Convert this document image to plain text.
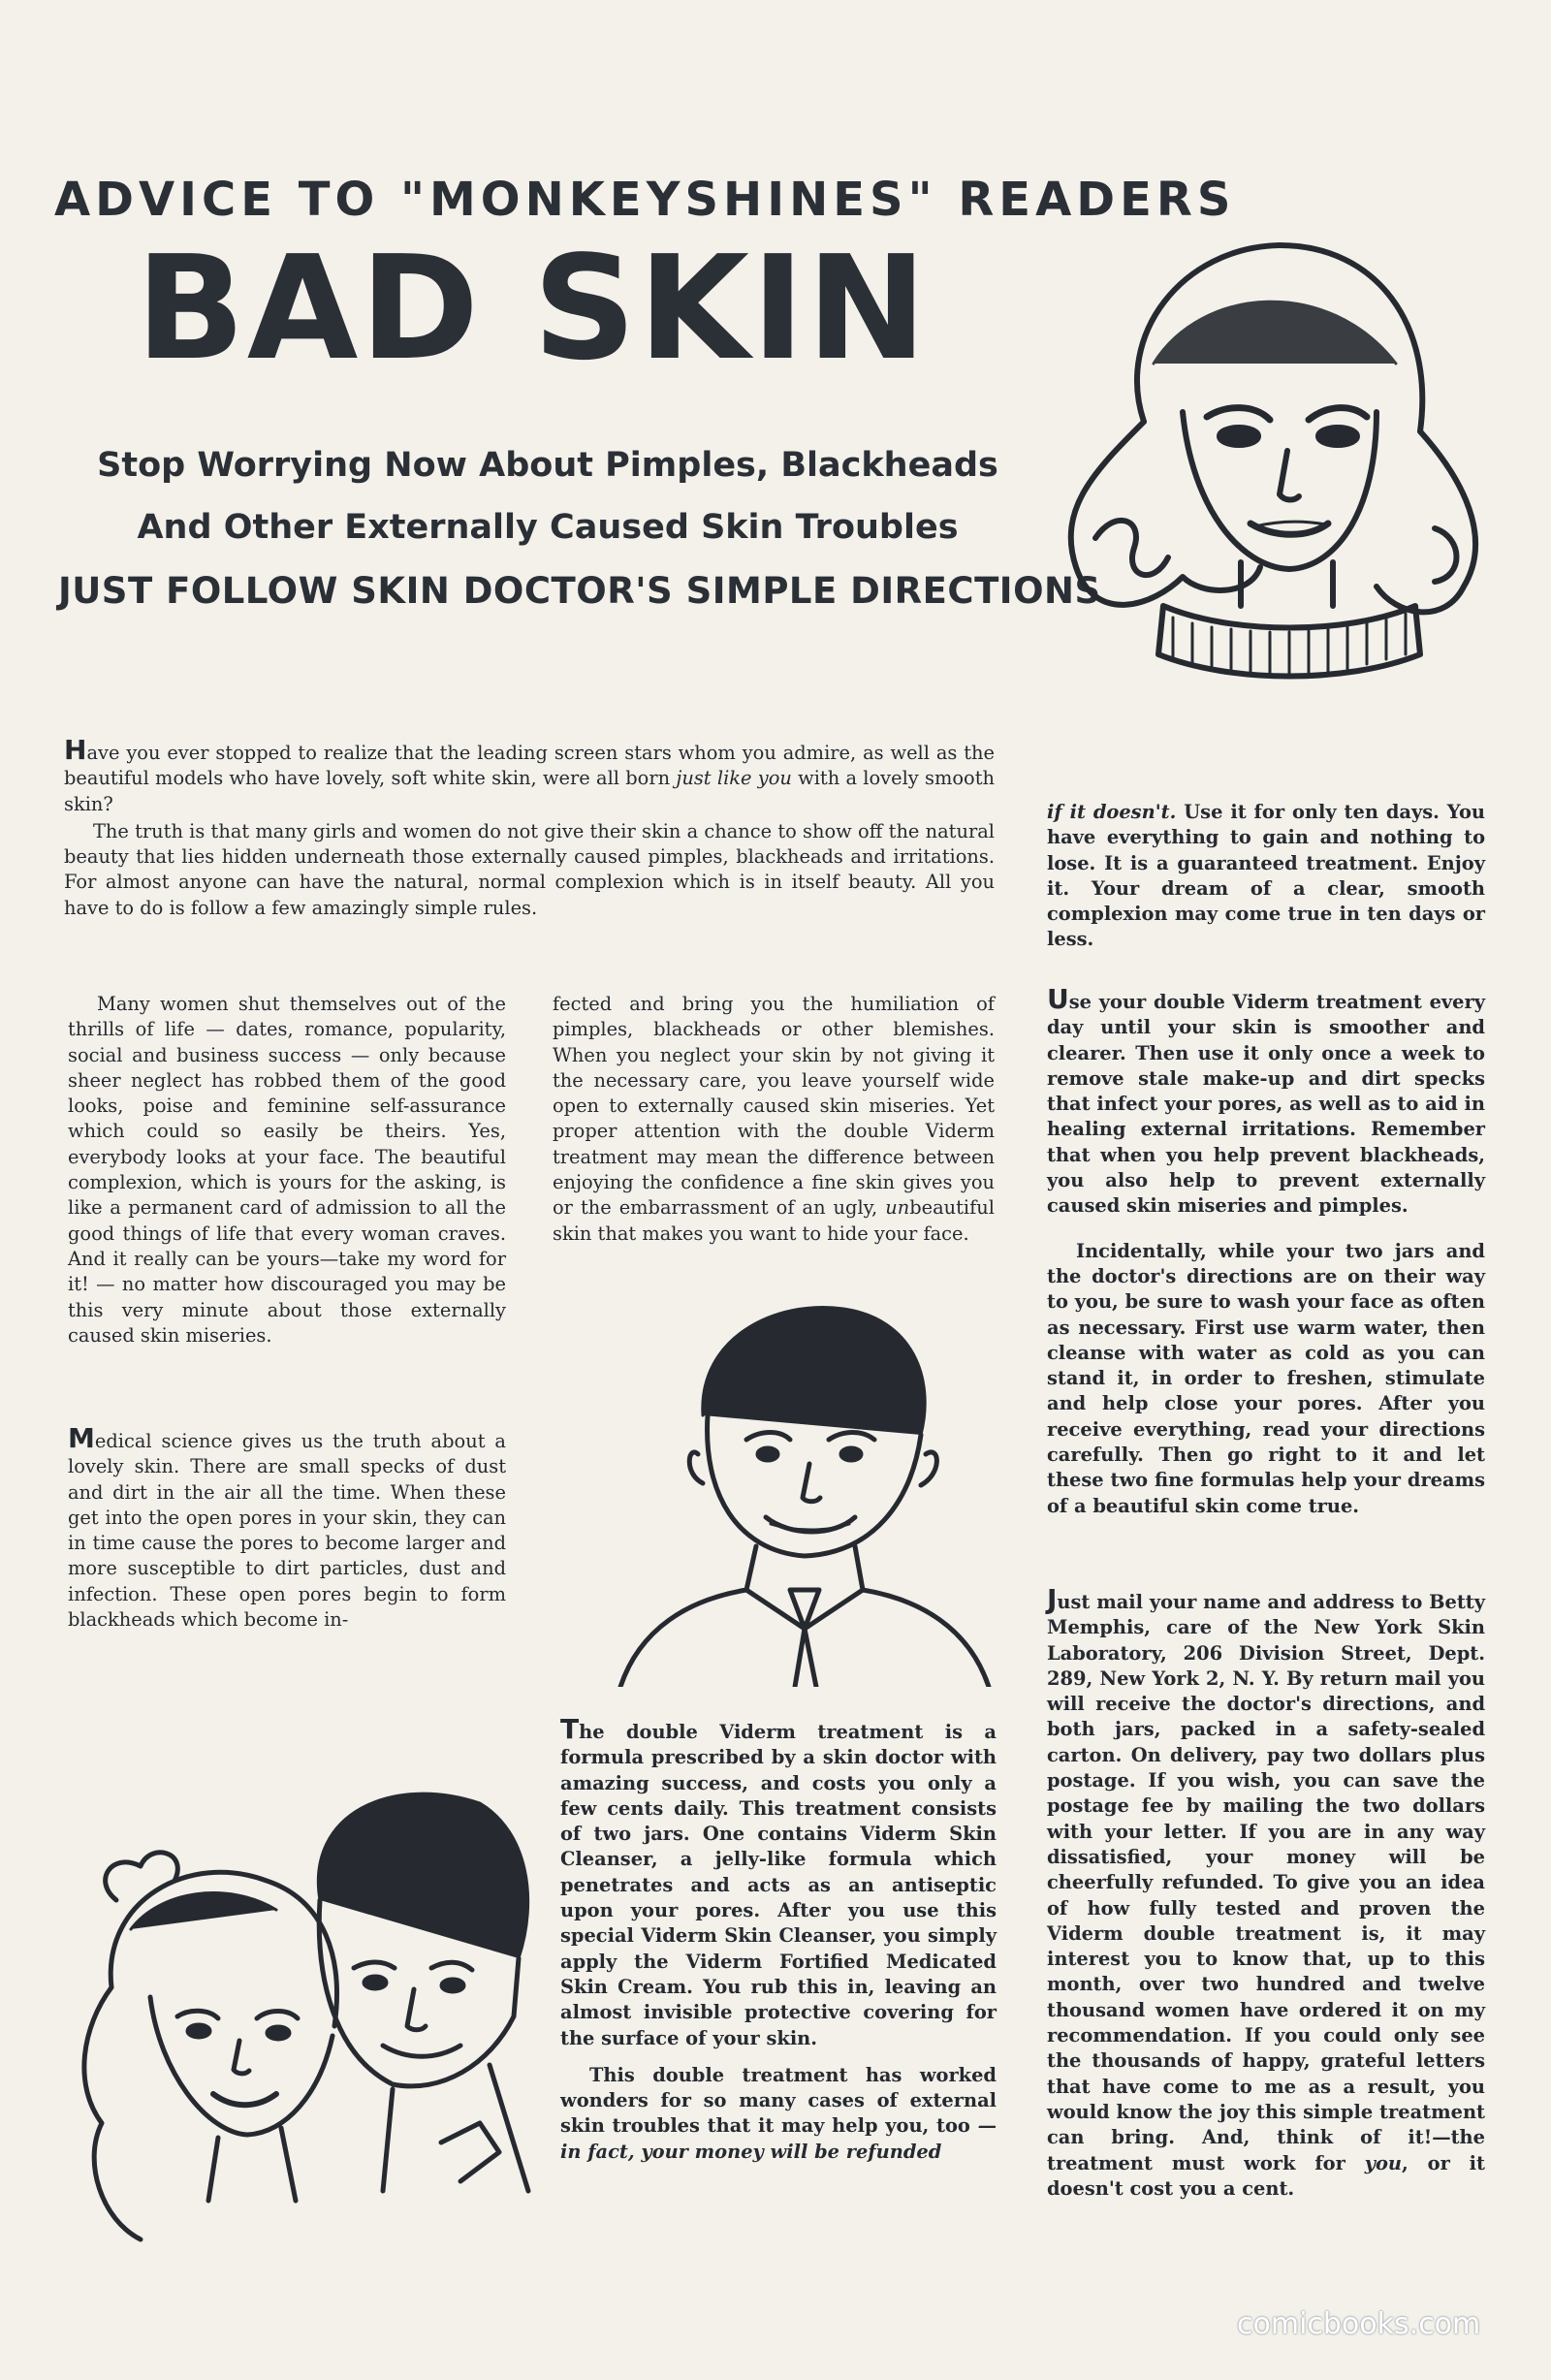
ADVICE TO "MONKEYSHINES" READERS
BAD SKIN
Stop Worrying Now About Pimples, Blackheads
And Other Externally Caused Skin Troubles
JUST FOLLOW SKIN DOCTOR'S SIMPLE DIRECTIONS

Have you ever stopped to realize that the leading screen stars whom you admire, as well as the beautiful models who have lovely, soft white skin, were all born just like you with a lovely smooth skin?

The truth is that many girls and women do not give their skin a chance to show off the natural beauty that lies hidden underneath those externally caused pimples, blackheads and irritations. For almost anyone can have the natural, normal complexion which is in itself beauty. All you have to do is follow a few amazingly simple rules.

Many women shut themselves out of the thrills of life — dates, romance, popularity, social and business success — only because sheer neglect has robbed them of the good looks, poise and feminine self-assurance which could so easily be theirs. Yes, everybody looks at your face. The beautiful complexion, which is yours for the asking, is like a permanent card of admission to all the good things of life that every woman craves. And it really can be yours—take my word for it! — no matter how discouraged you may be this very minute about those externally caused skin miseries.

Medical science gives us the truth about a lovely skin. There are small specks of dust and dirt in the air all the time. When these get into the open pores in your skin, they can in time cause the pores to become larger and more susceptible to dirt particles, dust and infection. These open pores begin to form blackheads which become in-

fected and bring you the humiliation of pimples, blackheads or other blemishes. When you neglect your skin by not giving it the necessary care, you leave yourself wide open to externally caused skin miseries. Yet proper attention with the double Viderm treatment may mean the difference between enjoying the confidence a fine skin gives you or the embarrassment of an ugly, unbeautiful skin that makes you want to hide your face.

The double Viderm treatment is a formula prescribed by a skin doctor with amazing success, and costs you only a few cents daily. This treatment consists of two jars. One contains Viderm Skin Cleanser, a jelly-like formula which penetrates and acts as an antiseptic upon your pores. After you use this special Viderm Skin Cleanser, you simply apply the Viderm Fortified Medicated Skin Cream. You rub this in, leaving an almost invisible protective covering for the surface of your skin.

This double treatment has worked wonders for so many cases of external skin troubles that it may help you, too —in fact, your money will be refunded

if it doesn't. Use it for only ten days. You have everything to gain and nothing to lose. It is a guaranteed treatment. Enjoy it. Your dream of a clear, smooth complexion may come true in ten days or less.

Use your double Viderm treatment every day until your skin is smoother and clearer. Then use it only once a week to remove stale make-up and dirt specks that infect your pores, as well as to aid in healing external irritations. Remember that when you help prevent blackheads, you also help to prevent externally caused skin miseries and pimples.

Incidentally, while your two jars and the doctor's directions are on their way to you, be sure to wash your face as often as necessary. First use warm water, then cleanse with water as cold as you can stand it, in order to freshen, stimulate and help close your pores. After you receive everything, read your directions carefully. Then go right to it and let these two fine formulas help your dreams of a beautiful skin come true.

Just mail your name and address to Betty Memphis, care of the New York Skin Laboratory, 206 Division Street, Dept. 289, New York 2, N. Y. By return mail you will receive the doctor's directions, and both jars, packed in a safety-sealed carton. On delivery, pay two dollars plus postage. If you wish, you can save the postage fee by mailing the two dollars with your letter. If you are in any way dissatisfied, your money will be cheerfully refunded. To give you an idea of how fully tested and proven the Viderm double treatment is, it may interest you to know that, up to this month, over two hundred and twelve thousand women have ordered it on my recommendation. If you could only see the thousands of happy, grateful letters that have come to me as a result, you would know the joy this simple treatment can bring. And, think of it!—the treatment must work for you, or it doesn't cost you a cent.

comicbooks.com
